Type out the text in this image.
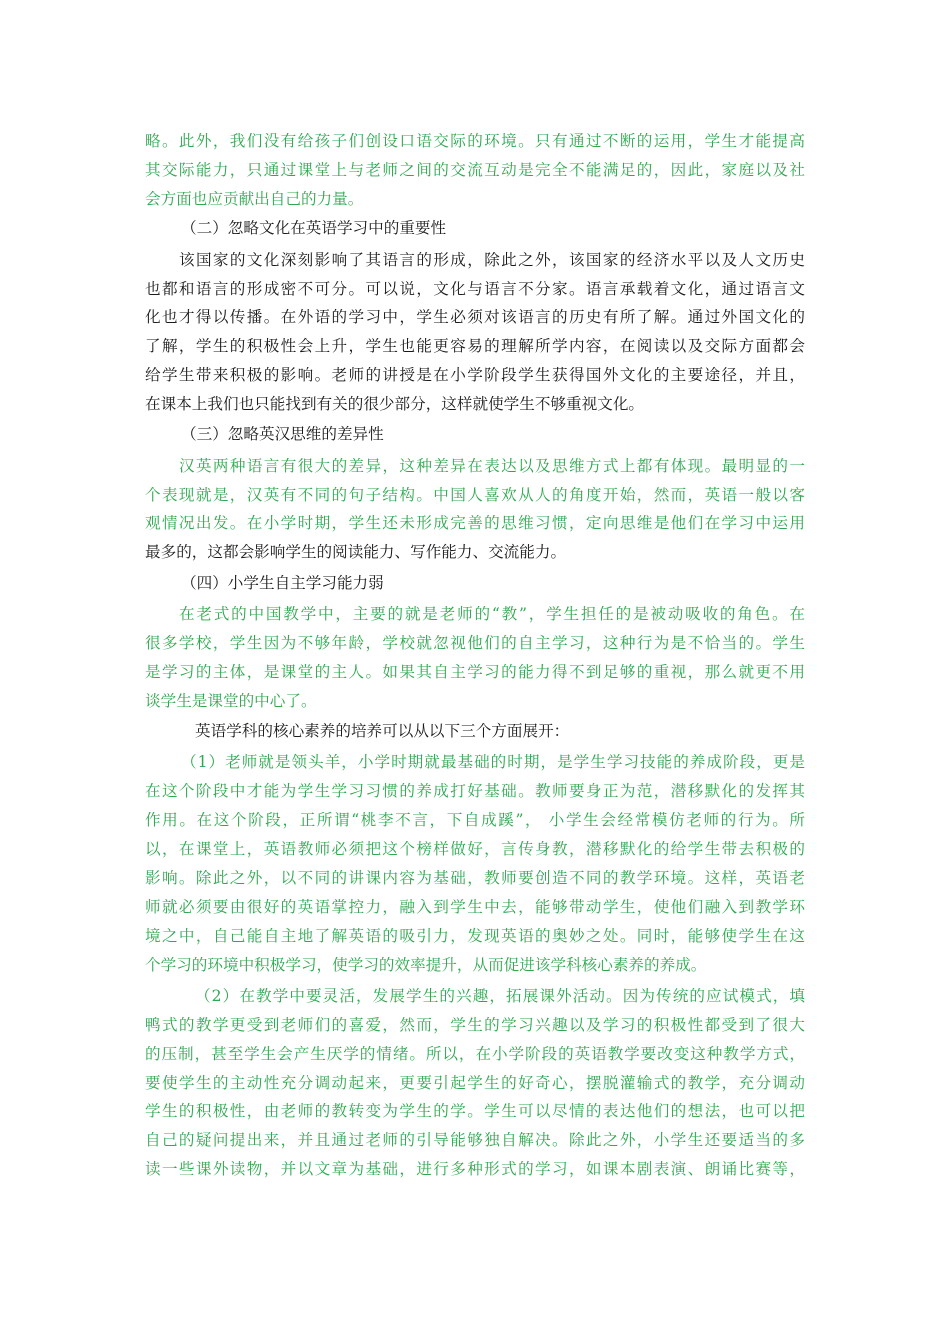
略。此外，我们没有给孩子们创设口语交际的环境。只有通过不断的运用，学生才能提高
其交际能力，只通过课堂上与老师之间的交流互动是完全不能满足的，因此，家庭以及社
会方面也应贡献出自己的力量。
（二）忽略文化在英语学习中的重要性
该国家的文化深刻影响了其语言的形成，除此之外，该国家的经济水平以及人文历史
也都和语言的形成密不可分。可以说，文化与语言不分家。语言承载着文化，通过语言文
化也才得以传播。在外语的学习中，学生必须对该语言的历史有所了解。通过外国文化的
了解，学生的积极性会上升，学生也能更容易的理解所学内容，在阅读以及交际方面都会
给学生带来积极的影响。老师的讲授是在小学阶段学生获得国外文化的主要途径，并且，
在课本上我们也只能找到有关的很少部分，这样就使学生不够重视文化。
（三）忽略英汉思维的差异性
汉英两种语言有很大的差异，这种差异在表达以及思维方式上都有体现。最明显的一
个表现就是，汉英有不同的句子结构。中国人喜欢从人的角度开始，然而，英语一般以客
观情况出发。在小学时期，学生还未形成完善的思维习惯，定向思维是他们在学习中运用
最多的，这都会影响学生的阅读能力、写作能力、交流能力。
（四）小学生自主学习能力弱
在老式的中国教学中，主要的就是老师的“教”，学生担任的是被动吸收的角色。在
很多学校，学生因为不够年龄，学校就忽视他们的自主学习，这种行为是不恰当的。学生
是学习的主体，是课堂的主人。如果其自主学习的能力得不到足够的重视，那么就更不用
谈学生是课堂的中心了。
英语学科的核心素养的培养可以从以下三个方面展开：
（1）老师就是领头羊，小学时期就最基础的时期，是学生学习技能的养成阶段，更是
在这个阶段中才能为学生学习习惯的养成打好基础。教师要身正为范，潜移默化的发挥其
作用。在这个阶段，正所谓“桃李不言，下自成蹊”， 小学生会经常模仿老师的行为。所
以，在课堂上，英语教师必须把这个榜样做好，言传身教，潜移默化的给学生带去积极的
影响。除此之外，以不同的讲课内容为基础，教师要创造不同的教学环境。这样，英语老
师就必须要由很好的英语掌控力，融入到学生中去，能够带动学生，使他们融入到教学环
境之中，自己能自主地了解英语的吸引力，发现英语的奥妙之处。同时，能够使学生在这
个学习的环境中积极学习，使学习的效率提升，从而促进该学科核心素养的养成。
（2）在教学中要灵活，发展学生的兴趣，拓展课外活动。因为传统的应试模式，填
鸭式的教学更受到老师们的喜爱，然而，学生的学习兴趣以及学习的积极性都受到了很大
的压制，甚至学生会产生厌学的情绪。所以，在小学阶段的英语教学要改变这种教学方式，
要使学生的主动性充分调动起来，更要引起学生的好奇心，摆脱灌输式的教学，充分调动
学生的积极性，由老师的教转变为学生的学。学生可以尽情的表达他们的想法，也可以把
自己的疑问提出来，并且通过老师的引导能够独自解决。除此之外，小学生还要适当的多
读一些课外读物，并以文章为基础，进行多种形式的学习，如课本剧表演、朗诵比赛等，
